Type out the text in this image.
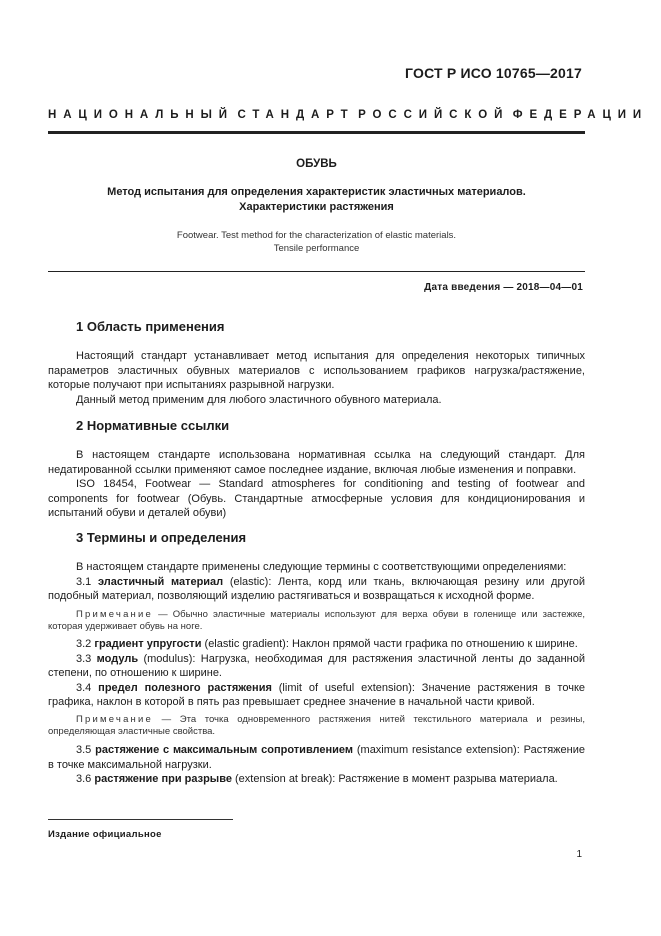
ГОСТ Р ИСО 10765—2017
НАЦИОНАЛЬНЫЙ СТАНДАРТ РОССИЙСКОЙ ФЕДЕРАЦИИ
ОБУВЬ
Метод испытания для определения характеристик эластичных материалов.
Характеристики растяжения
Footwear. Test method for the characterization of elastic materials.
Tensile performance
Дата введения — 2018—04—01
1 Область применения

Настоящий стандарт устанавливает метод испытания для определения некоторых типичных параметров эластичных обувных материалов с использованием графиков нагрузка/растяжение, которые получают при испытаниях разрывной нагрузки.

Данный метод применим для любого эластичного обувного материала.

2 Нормативные ссылки

В настоящем стандарте использована нормативная ссылка на следующий стандарт. Для недатированной ссылки применяют самое последнее издание, включая любые изменения и поправки.

ISO 18454, Footwear — Standard atmospheres for conditioning and testing of footwear and components for footwear (Обувь. Стандартные атмосферные условия для кондиционирования и испытаний обуви и деталей обуви)

3 Термины и определения

В настоящем стандарте применены следующие термины с соответствующими определениями:

3.1 эластичный материал (elastic): Лента, корд или ткань, включающая резину или другой подобный материал, позволяющий изделию растягиваться и возвращаться к исходной форме.

Примечание — Обычно эластичные материалы используют для верха обуви в голенище или застежке, которая удерживает обувь на ноге.

3.2 градиент упругости (elastic gradient): Наклон прямой части графика по отношению к ширине.

3.3 модуль (modulus): Нагрузка, необходимая для растяжения эластичной ленты до заданной степени, по отношению к ширине.

3.4 предел полезного растяжения (limit of useful extension): Значение растяжения в точке графика, наклон в которой в пять раз превышает среднее значение в начальной части кривой.

Примечание — Эта точка одновременного растяжения нитей текстильного материала и резины, определяющая эластичные свойства.

3.5 растяжение с максимальным сопротивлением (maximum resistance extension): Растяжение в точке максимальной нагрузки.

3.6 растяжение при разрыве (extension at break): Растяжение в момент разрыва материала.

Издание официальное
1
